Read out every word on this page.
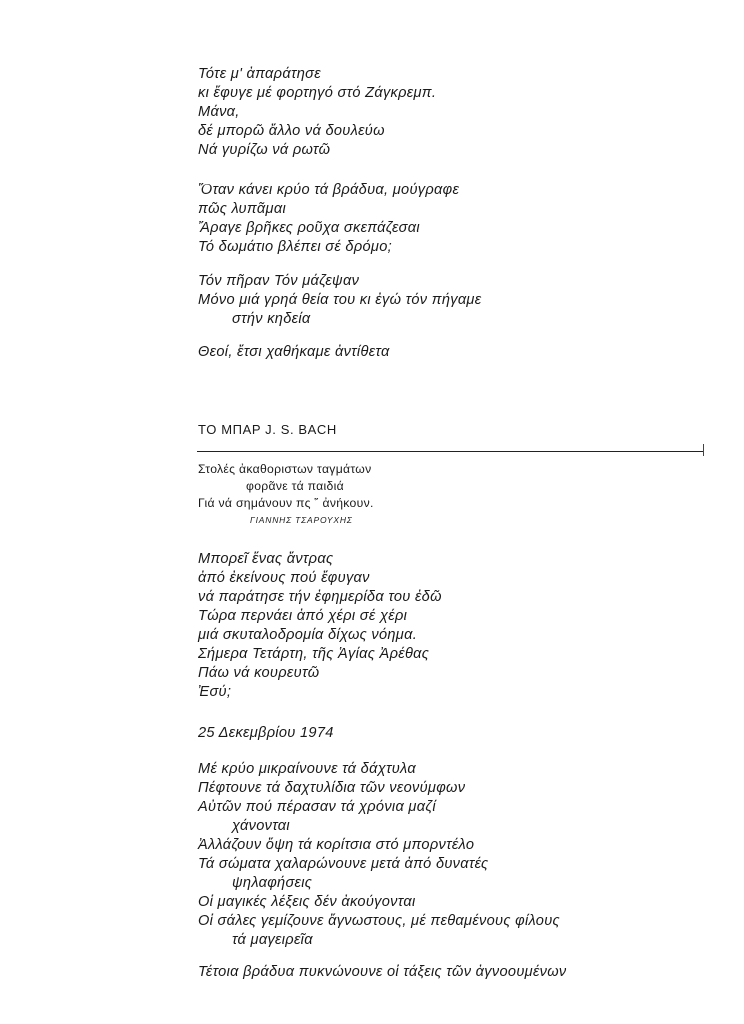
Τότε μ' ἀπαράτησε
κι ἔφυγε μέ φορτηγό στό Ζάγκρεμπ.
Μάνα,
δέ μπορῶ ἄλλο νά δουλεύω
Νά γυρίζω νά ρωτῶ
Ὅταν κάνει κρύο τά βράδυα, μούγραφε
πῶς λυπᾶμαι
Ἄραγε βρῆκες ροῦχα σκεπάζεσαι
Τό δωμάτιο βλέπει σέ δρόμο;
Τόν πῆραν Τόν μάζεψαν
Μόνο μιά γρηά θεία του κι ἐγώ τόν πήγαμε
στήν κηδεία
Θεοί, ἔτσι χαθήκαμε ἀντίθετα
ΤΟ ΜΠΑΡ J. S. BACH
Στολές ἀκαθοριστων ταγμάτων
φορᾶνε τά παιδιά
Γιά νά σημάνουν πς ῞ ἀνήκουν.
ΓΙΑΝΝΗΣ ΤΣΑΡΟΥΧΗΣ
Μπορεῖ ἕνας ἄντρας
ἀπό ἐκείνους πού ἔφυγαν
νά παράτησε τήν ἐφημερίδα του ἐδῶ
Τώρα περνάει ἀπό χέρι σέ χέρι
μιά σκυταλοδρομία δίχως νόημα.
Σήμερα Τετάρτη, τῆς Ἁγίας Ἀρέθας
Πάω νά κουρευτῶ
Ἐσύ;
25 Δεκεμβρίου 1974
Μέ κρύο μικραίνουνε τά δάχτυλα
Πέφτουνε τά δαχτυλίδια τῶν νεονύμφων
Αὐτῶν πού πέρασαν τά χρόνια μαζί
χάνονται
Ἀλλάζουν ὄψη τά κορίτσια στό μπορντέλο
Τά σώματα χαλαρώνουνε μετά ἀπό δυνατές
ψηλαφήσεις
Οἱ μαγικές λέξεις δέν ἀκούγονται
Οἱ σάλες γεμίζουνε ἄγνωστους, μέ πεθαμένους φίλους
τά μαγειρεῖα
Τέτοια βράδυα πυκνώνουνε οἱ τάξεις τῶν ἀγνοουμένων
